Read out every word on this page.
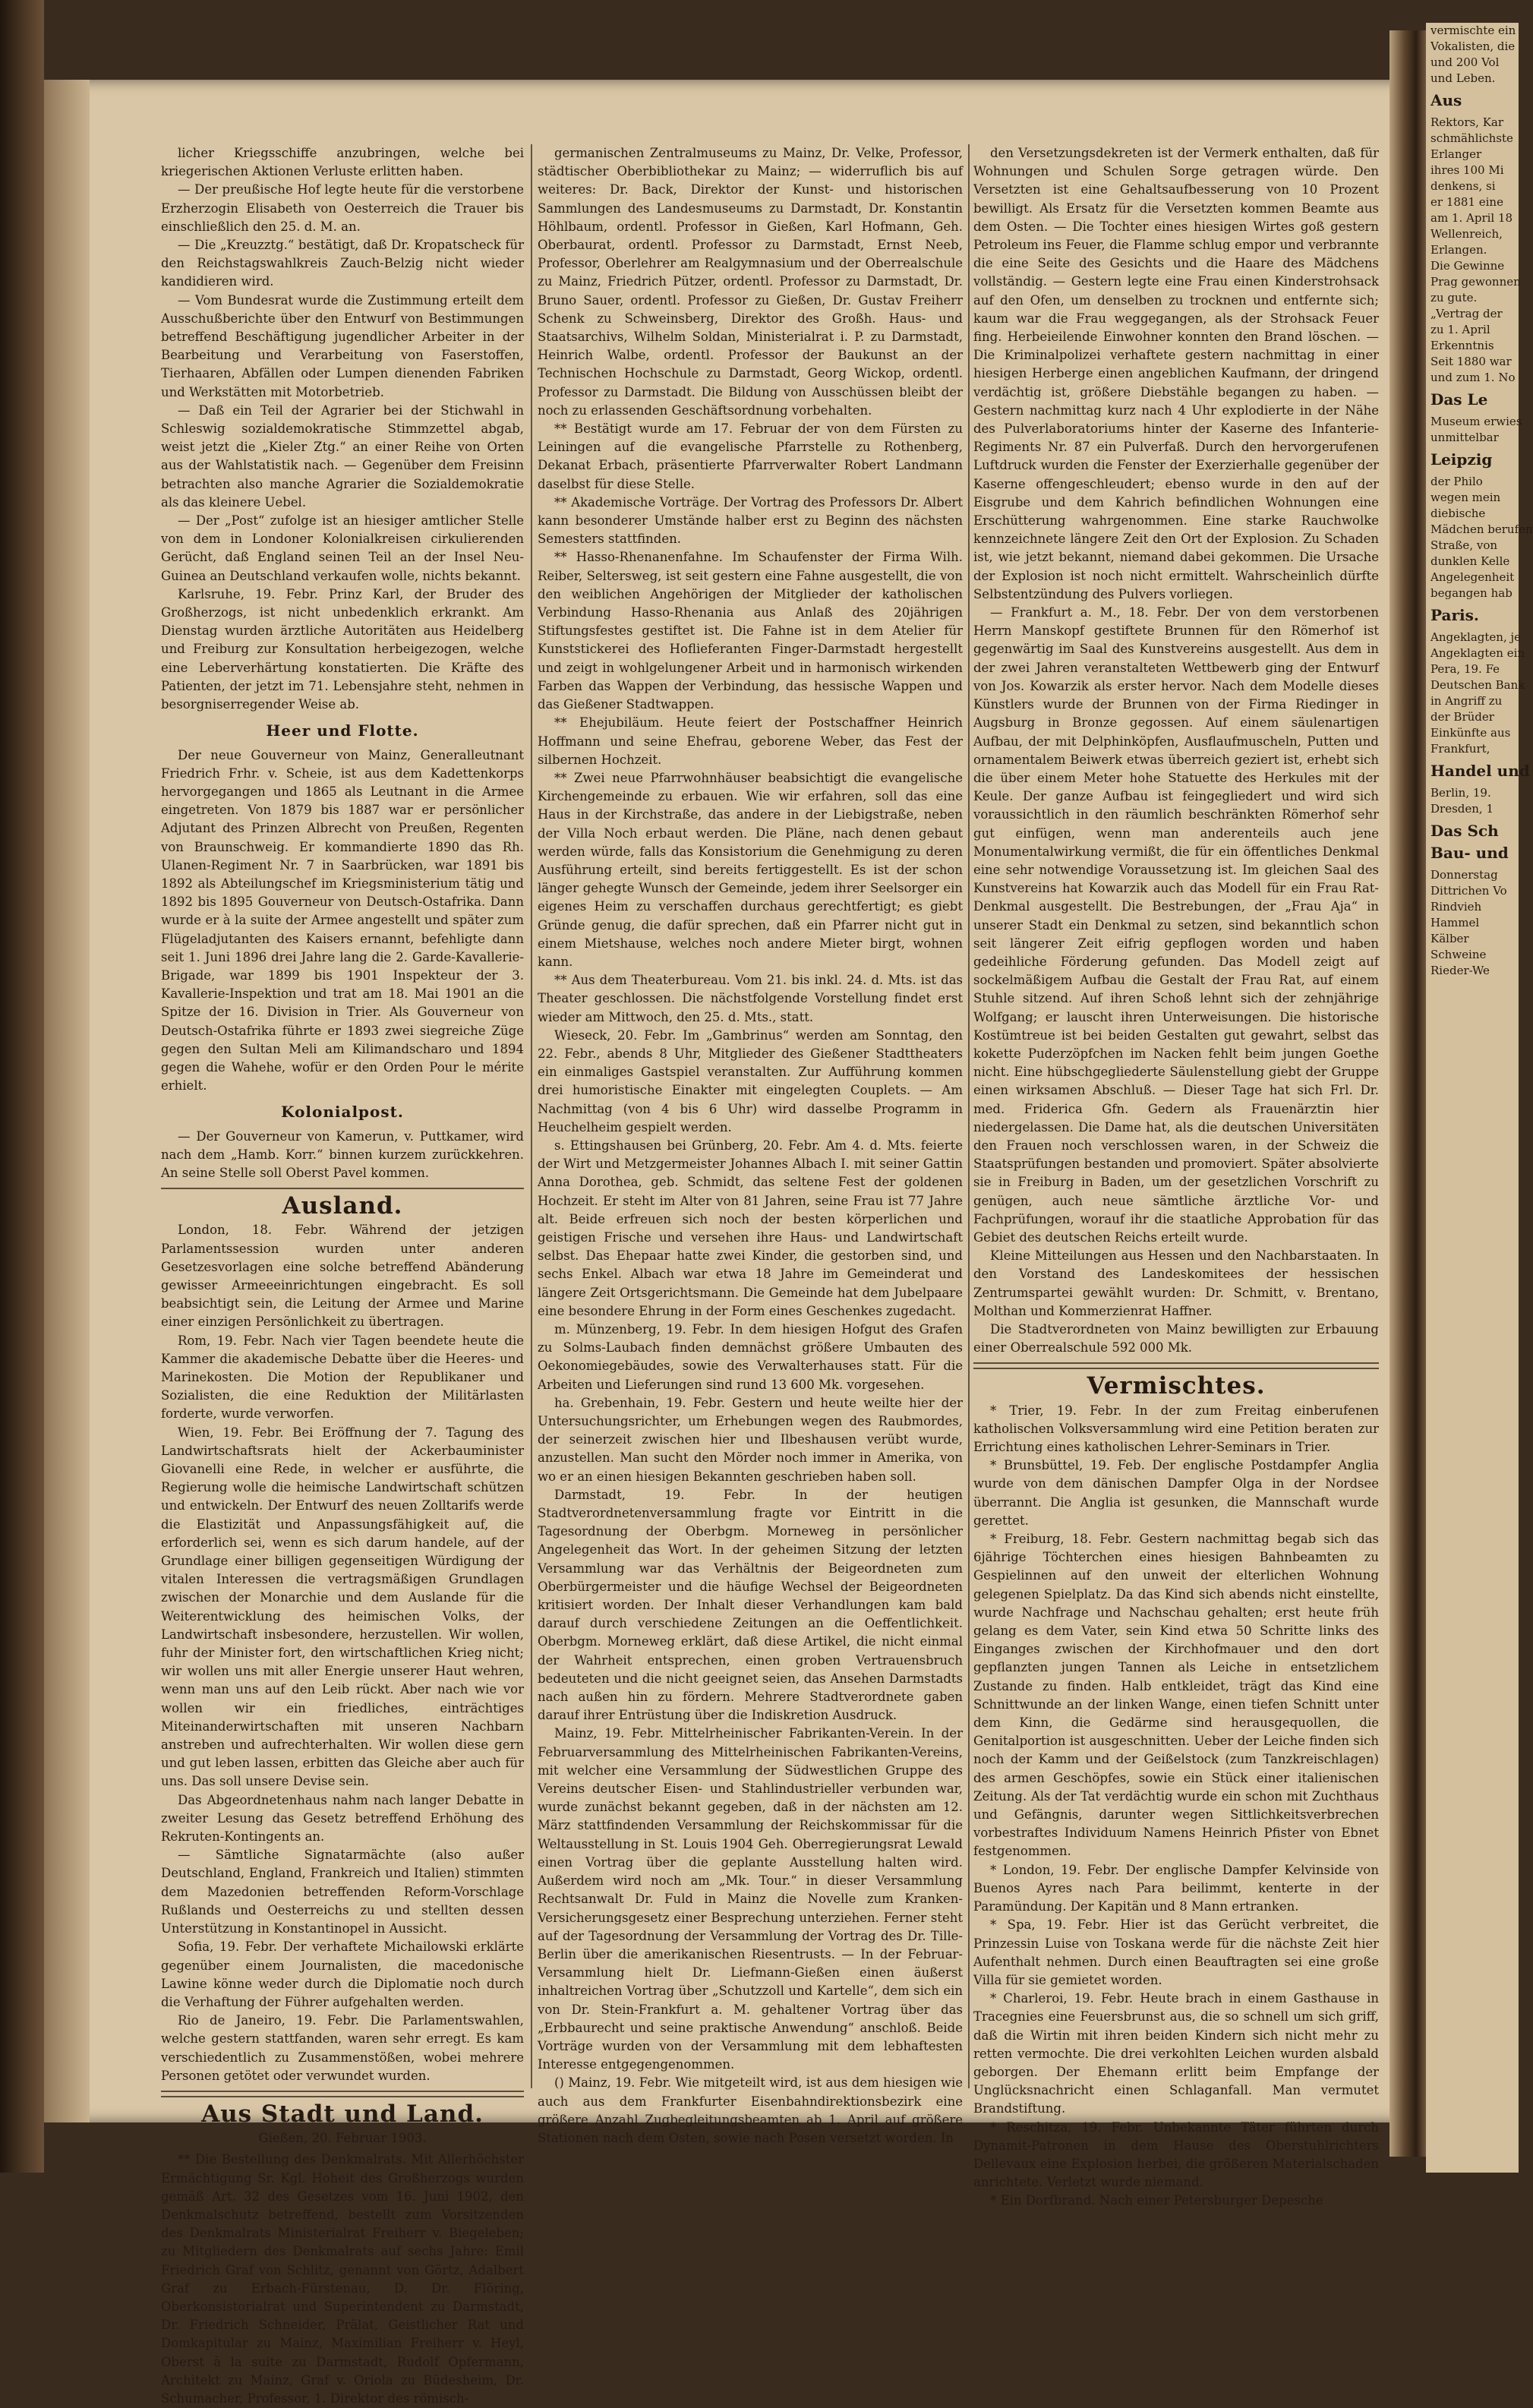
vermischte ein
Vokalisten, die
und 200 Vol
und Leben.
Aus
Rektors, Kar
schmählichste
Erlanger
ihres 100 Mi
denkens, si
er 1881 eine
am 1. April 18
Wellenreich,
Erlangen.
Die Gewinne
Prag gewonnen
zu gute.
„Vertrag der
zu 1. April
Erkenntnis
Seit 1880 war
und zum 1. No
Das Le
Museum erwies
unmittelbar
Leipzig
der Philo
wegen mein
diebische
Mädchen berufen
Straße, von
dunklen Kelle
Angelegenheit
begangen hab
Paris.
Angeklagten, je
Angeklagten ein
Pera, 19. Fe
Deutschen Bank
in Angriff zu
der Brüder
Einkünfte aus
Frankfurt,
Handel und
Berlin, 19.
Dresden, 1
Das Sch
Bau- und
Donnerstag
Dittrichen Vo
Rindvieh
Hammel
Kälber
Schweine
Rieder-We

licher Kriegsschiffe anzubringen, welche bei kriegerischen Aktionen Verluste erlitten haben.

— Der preußische Hof legte heute für die verstorbene Erzherzogin Elisabeth von Oesterreich die Trauer bis einschließlich den 25. d. M. an.

— Die „Kreuzztg.“ bestätigt, daß Dr. Kropatscheck für den Reichstagswahlkreis Zauch-Belzig nicht wieder kandidieren wird.

— Vom Bundesrat wurde die Zustimmung erteilt dem Ausschußberichte über den Entwurf von Bestimmungen betreffend Beschäftigung jugendlicher Arbeiter in der Bearbeitung und Verarbeitung von Faserstoffen, Tierhaaren, Abfällen oder Lumpen dienenden Fabriken und Werkstätten mit Motorbetrieb.

— Daß ein Teil der Agrarier bei der Stichwahl in Schleswig sozialdemokratische Stimmzettel abgab, weist jetzt die „Kieler Ztg.“ an einer Reihe von Orten aus der Wahlstatistik nach. — Gegenüber dem Freisinn betrachten also manche Agrarier die Sozialdemokratie als das kleinere Uebel.

— Der „Post“ zufolge ist an hiesiger amtlicher Stelle von dem in Londoner Kolonialkreisen cirkulierenden Gerücht, daß England seinen Teil an der Insel Neu-Guinea an Deutschland verkaufen wolle, nichts bekannt.

Karlsruhe, 19. Febr. Prinz Karl, der Bruder des Großherzogs, ist nicht unbedenklich erkrankt. Am Dienstag wurden ärztliche Autoritäten aus Heidelberg und Freiburg zur Konsultation herbeigezogen, welche eine Leberverhärtung konstatierten. Die Kräfte des Patienten, der jetzt im 71. Lebensjahre steht, nehmen in besorgniserregender Weise ab.

Heer und Flotte.

Der neue Gouverneur von Mainz, Generalleutnant Friedrich Frhr. v. Scheie, ist aus dem Kadettenkorps hervorgegangen und 1865 als Leutnant in die Armee eingetreten. Von 1879 bis 1887 war er persönlicher Adjutant des Prinzen Albrecht von Preußen, Regenten von Braunschweig. Er kommandierte 1890 das Rh. Ulanen-Regiment Nr. 7 in Saarbrücken, war 1891 bis 1892 als Abteilungschef im Kriegsministerium tätig und 1892 bis 1895 Gouverneur von Deutsch-Ostafrika. Dann wurde er à la suite der Armee angestellt und später zum Flügeladjutanten des Kaisers ernannt, befehligte dann seit 1. Juni 1896 drei Jahre lang die 2. Garde-Kavallerie-Brigade, war 1899 bis 1901 Inspekteur der 3. Kavallerie-Inspektion und trat am 18. Mai 1901 an die Spitze der 16. Division in Trier. Als Gouverneur von Deutsch-Ostafrika führte er 1893 zwei siegreiche Züge gegen den Sultan Meli am Kilimandscharo und 1894 gegen die Wahehe, wofür er den Orden Pour le mérite erhielt.

Kolonialpost.

— Der Gouverneur von Kamerun, v. Puttkamer, wird nach dem „Hamb. Korr.“ binnen kurzem zurückkehren. An seine Stelle soll Oberst Pavel kommen.

Ausland.

London, 18. Febr. Während der jetzigen Parlamentssession wurden unter anderen Gesetzesvorlagen eine solche betreffend Abänderung gewisser Armeeeinrichtungen eingebracht. Es soll beabsichtigt sein, die Leitung der Armee und Marine einer einzigen Persönlichkeit zu übertragen.

Rom, 19. Febr. Nach vier Tagen beendete heute die Kammer die akademische Debatte über die Heeres- und Marinekosten. Die Motion der Republikaner und Sozialisten, die eine Reduktion der Militärlasten forderte, wurde verworfen.

Wien, 19. Febr. Bei Eröffnung der 7. Tagung des Landwirtschaftsrats hielt der Ackerbauminister Giovanelli eine Rede, in welcher er ausführte, die Regierung wolle die heimische Landwirtschaft schützen und entwickeln. Der Entwurf des neuen Zolltarifs werde die Elastizität und Anpassungsfähigkeit auf, die erforderlich sei, wenn es sich darum handele, auf der Grundlage einer billigen gegenseitigen Würdigung der vitalen Interessen die vertragsmäßigen Grundlagen zwischen der Monarchie und dem Auslande für die Weiterentwicklung des heimischen Volks, der Landwirtschaft insbesondere, herzustellen. Wir wollen, fuhr der Minister fort, den wirtschaftlichen Krieg nicht; wir wollen uns mit aller Energie unserer Haut wehren, wenn man uns auf den Leib rückt. Aber nach wie vor wollen wir ein friedliches, einträchtiges Miteinanderwirtschaften mit unseren Nachbarn anstreben und aufrechterhalten. Wir wollen diese gern und gut leben lassen, erbitten das Gleiche aber auch für uns. Das soll unsere Devise sein.

Das Abgeordnetenhaus nahm nach langer Debatte in zweiter Lesung das Gesetz betreffend Erhöhung des Rekruten-Kontingents an.

— Sämtliche Signatarmächte (also außer Deutschland, England, Frankreich und Italien) stimmten dem Mazedonien betreffenden Reform-Vorschlage Rußlands und Oesterreichs zu und stellten dessen Unterstützung in Konstantinopel in Aussicht.

Sofia, 19. Febr. Der verhaftete Michailowski erklärte gegenüber einem Journalisten, die macedonische Lawine könne weder durch die Diplomatie noch durch die Verhaftung der Führer aufgehalten werden.

Rio de Janeiro, 19. Febr. Die Parlamentswahlen, welche gestern stattfanden, waren sehr erregt. Es kam verschiedentlich zu Zusammenstößen, wobei mehrere Personen getötet oder verwundet wurden.

Aus Stadt und Land.
Gießen, 20. Februar 1903.

** Die Bestellung des Denkmalrats. Mit Allerhöchster Ermächtigung Sr. Kgl. Hoheit des Großherzogs wurden gemäß Art. 32 des Gesetzes vom 16. Juni 1902, den Denkmalschutz betreffend, bestellt zum Vorsitzenden des Denkmalrats Ministerialrat Freiherr v. Biegeleben; zu Mitgliedern des Denkmalrats auf sechs Jahre: Emil Friedrich Graf von Schlitz, genannt von Görtz, Adalbert Graf zu Erbach-Fürstenau, D. Dr. Flöring, Oberkonsistorialrat und Superintendent zu Darmstadt, Dr. Friedrich Schneider, Prälat, Geistlicher Rat und Domkapitular zu Mainz, Maximilian Freiherr v. Heyl, Oberst à la suite zu Darmstadt, Rudolf Opfermann, Architekt zu Mainz, Graf v. Oriola zu Büdesheim, Dr. Schumacher, Professor, 1. Direktor des römisch-

germanischen Zentralmuseums zu Mainz, Dr. Velke, Professor, städtischer Oberbibliothekar zu Mainz; — widerruflich bis auf weiteres: Dr. Back, Direktor der Kunst- und historischen Sammlungen des Landesmuseums zu Darmstadt, Dr. Konstantin Höhlbaum, ordentl. Professor in Gießen, Karl Hofmann, Geh. Oberbaurat, ordentl. Professor zu Darmstadt, Ernst Neeb, Professor, Oberlehrer am Realgymnasium und der Oberrealschule zu Mainz, Friedrich Pützer, ordentl. Professor zu Darmstadt, Dr. Bruno Sauer, ordentl. Professor zu Gießen, Dr. Gustav Freiherr Schenk zu Schweinsberg, Direktor des Großh. Haus- und Staatsarchivs, Wilhelm Soldan, Ministerialrat i. P. zu Darmstadt, Heinrich Walbe, ordentl. Professor der Baukunst an der Technischen Hochschule zu Darmstadt, Georg Wickop, ordentl. Professor zu Darmstadt. Die Bildung von Ausschüssen bleibt der noch zu erlassenden Geschäftsordnung vorbehalten.

** Bestätigt wurde am 17. Februar der von dem Fürsten zu Leiningen auf die evangelische Pfarrstelle zu Rothenberg, Dekanat Erbach, präsentierte Pfarrverwalter Robert Landmann daselbst für diese Stelle.

** Akademische Vorträge. Der Vortrag des Professors Dr. Albert kann besonderer Umstände halber erst zu Beginn des nächsten Semesters stattfinden.

** Hasso-Rhenanenfahne. Im Schaufenster der Firma Wilh. Reiber, Seltersweg, ist seit gestern eine Fahne ausgestellt, die von den weiblichen Angehörigen der Mitglieder der katholischen Verbindung Hasso-Rhenania aus Anlaß des 20jährigen Stiftungsfestes gestiftet ist. Die Fahne ist in dem Atelier für Kunststickerei des Hoflieferanten Finger-Darmstadt hergestellt und zeigt in wohlgelungener Arbeit und in harmonisch wirkenden Farben das Wappen der Verbindung, das hessische Wappen und das Gießener Stadtwappen.

** Ehejubiläum. Heute feiert der Postschaffner Heinrich Hoffmann und seine Ehefrau, geborene Weber, das Fest der silbernen Hochzeit.

** Zwei neue Pfarrwohnhäuser beabsichtigt die evangelische Kirchengemeinde zu erbauen. Wie wir erfahren, soll das eine Haus in der Kirchstraße, das andere in der Liebigstraße, neben der Villa Noch erbaut werden. Die Pläne, nach denen gebaut werden würde, falls das Konsistorium die Genehmigung zu deren Ausführung erteilt, sind bereits fertiggestellt. Es ist der schon länger gehegte Wunsch der Gemeinde, jedem ihrer Seelsorger ein eigenes Heim zu verschaffen durchaus gerechtfertigt; es giebt Gründe genug, die dafür sprechen, daß ein Pfarrer nicht gut in einem Mietshause, welches noch andere Mieter birgt, wohnen kann.

** Aus dem Theaterbureau. Vom 21. bis inkl. 24. d. Mts. ist das Theater geschlossen. Die nächstfolgende Vorstellung findet erst wieder am Mittwoch, den 25. d. Mts., statt.

Wieseck, 20. Febr. Im „Gambrinus“ werden am Sonntag, den 22. Febr., abends 8 Uhr, Mitglieder des Gießener Stadttheaters ein einmaliges Gastspiel veranstalten. Zur Aufführung kommen drei humoristische Einakter mit eingelegten Couplets. — Am Nachmittag (von 4 bis 6 Uhr) wird dasselbe Programm in Heuchelheim gespielt werden.

s. Ettingshausen bei Grünberg, 20. Febr. Am 4. d. Mts. feierte der Wirt und Metzgermeister Johannes Albach I. mit seiner Gattin Anna Dorothea, geb. Schmidt, das seltene Fest der goldenen Hochzeit. Er steht im Alter von 81 Jahren, seine Frau ist 77 Jahre alt. Beide erfreuen sich noch der besten körperlichen und geistigen Frische und versehen ihre Haus- und Landwirtschaft selbst. Das Ehepaar hatte zwei Kinder, die gestorben sind, und sechs Enkel. Albach war etwa 18 Jahre im Gemeinderat und längere Zeit Ortsgerichtsmann. Die Gemeinde hat dem Jubelpaare eine besondere Ehrung in der Form eines Geschenkes zugedacht.

m. Münzenberg, 19. Febr. In dem hiesigen Hofgut des Grafen zu Solms-Laubach finden demnächst größere Umbauten des Oekonomiegebäudes, sowie des Verwalterhauses statt. Für die Arbeiten und Lieferungen sind rund 13 600 Mk. vorgesehen.

ha. Grebenhain, 19. Febr. Gestern und heute weilte hier der Untersuchungsrichter, um Erhebungen wegen des Raubmordes, der seinerzeit zwischen hier und Ilbeshausen verübt wurde, anzustellen. Man sucht den Mörder noch immer in Amerika, von wo er an einen hiesigen Bekannten geschrieben haben soll.

Darmstadt, 19. Febr. In der heutigen Stadtverordnetenversammlung fragte vor Eintritt in die Tagesordnung der Oberbgm. Morneweg in persönlicher Angelegenheit das Wort. In der geheimen Sitzung der letzten Versammlung war das Verhältnis der Beigeordneten zum Oberbürgermeister und die häufige Wechsel der Beigeordneten kritisiert worden. Der Inhalt dieser Verhandlungen kam bald darauf durch verschiedene Zeitungen an die Oeffentlichkeit. Oberbgm. Morneweg erklärt, daß diese Artikel, die nicht einmal der Wahrheit entsprechen, einen groben Vertrauensbruch bedeuteten und die nicht geeignet seien, das Ansehen Darmstadts nach außen hin zu fördern. Mehrere Stadtverordnete gaben darauf ihrer Entrüstung über die Indiskretion Ausdruck.

Mainz, 19. Febr. Mittelrheinischer Fabrikanten-Verein. In der Februarversammlung des Mittelrheinischen Fabrikanten-Vereins, mit welcher eine Versammlung der Südwestlichen Gruppe des Vereins deutscher Eisen- und Stahlindustrieller verbunden war, wurde zunächst bekannt gegeben, daß in der nächsten am 12. März stattfindenden Versammlung der Reichskommissar für die Weltausstellung in St. Louis 1904 Geh. Oberregierungsrat Lewald einen Vortrag über die geplante Ausstellung halten wird. Außerdem wird noch am „Mk. Tour.“ in dieser Versammlung Rechtsanwalt Dr. Fuld in Mainz die Novelle zum Kranken-Versicherungsgesetz einer Besprechung unterziehen. Ferner steht auf der Tagesordnung der Versammlung der Vortrag des Dr. Tille-Berlin über die amerikanischen Riesentrusts. — In der Februar-Versammlung hielt Dr. Liefmann-Gießen einen äußerst inhaltreichen Vortrag über „Schutzzoll und Kartelle“, dem sich ein von Dr. Stein-Frankfurt a. M. gehaltener Vortrag über das „Erbbaurecht und seine praktische Anwendung“ anschloß. Beide Vorträge wurden von der Versammlung mit dem lebhaftesten Interesse entgegengenommen.

() Mainz, 19. Febr. Wie mitgeteilt wird, ist aus dem hiesigen wie auch aus dem Frankfurter Eisenbahndirektionsbezirk eine größere Anzahl Zugbegleitungsbeamten ab 1. April auf größere Stationen nach dem Osten, sowie nach Posen versetzt worden. In

den Versetzungsdekreten ist der Vermerk enthalten, daß für Wohnungen und Schulen Sorge getragen würde. Den Versetzten ist eine Gehaltsaufbesserung von 10 Prozent bewilligt. Als Ersatz für die Versetzten kommen Beamte aus dem Osten. — Die Tochter eines hiesigen Wirtes goß gestern Petroleum ins Feuer, die Flamme schlug empor und verbrannte die eine Seite des Gesichts und die Haare des Mädchens vollständig. — Gestern legte eine Frau einen Kinderstrohsack auf den Ofen, um denselben zu trocknen und entfernte sich; kaum war die Frau weggegangen, als der Strohsack Feuer fing. Herbeieilende Einwohner konnten den Brand löschen. — Die Kriminalpolizei verhaftete gestern nachmittag in einer hiesigen Herberge einen angeblichen Kaufmann, der dringend verdächtig ist, größere Diebstähle begangen zu haben. — Gestern nachmittag kurz nach 4 Uhr explodierte in der Nähe des Pulverlaboratoriums hinter der Kaserne des Infanterie-Regiments Nr. 87 ein Pulverfaß. Durch den hervorgerufenen Luftdruck wurden die Fenster der Exerzierhalle gegenüber der Kaserne offengeschleudert; ebenso wurde in den auf der Eisgrube und dem Kahrich befindlichen Wohnungen eine Erschütterung wahrgenommen. Eine starke Rauchwolke kennzeichnete längere Zeit den Ort der Explosion. Zu Schaden ist, wie jetzt bekannt, niemand dabei gekommen. Die Ursache der Explosion ist noch nicht ermittelt. Wahrscheinlich dürfte Selbstentzündung des Pulvers vorliegen.

— Frankfurt a. M., 18. Febr. Der von dem verstorbenen Herrn Manskopf gestiftete Brunnen für den Römerhof ist gegenwärtig im Saal des Kunstvereins ausgestellt. Aus dem in der zwei Jahren veranstalteten Wettbewerb ging der Entwurf von Jos. Kowarzik als erster hervor. Nach dem Modelle dieses Künstlers wurde der Brunnen von der Firma Riedinger in Augsburg in Bronze gegossen. Auf einem säulenartigen Aufbau, der mit Delphinköpfen, Ausflaufmuscheln, Putten und ornamentalem Beiwerk etwas überreich geziert ist, erhebt sich die über einem Meter hohe Statuette des Herkules mit der Keule. Der ganze Aufbau ist feingegliedert und wird sich voraussichtlich in den räumlich beschränkten Römerhof sehr gut einfügen, wenn man anderenteils auch jene Monumentalwirkung vermißt, die für ein öffentliches Denkmal eine sehr notwendige Voraussetzung ist. Im gleichen Saal des Kunstvereins hat Kowarzik auch das Modell für ein Frau Rat-Denkmal ausgestellt. Die Bestrebungen, der „Frau Aja“ in unserer Stadt ein Denkmal zu setzen, sind bekanntlich schon seit längerer Zeit eifrig gepflogen worden und haben gedeihliche Förderung gefunden. Das Modell zeigt auf sockelmäßigem Aufbau die Gestalt der Frau Rat, auf einem Stuhle sitzend. Auf ihren Schoß lehnt sich der zehnjährige Wolfgang; er lauscht ihren Unterweisungen. Die historische Kostümtreue ist bei beiden Gestalten gut gewahrt, selbst das kokette Puderzöpfchen im Nacken fehlt beim jungen Goethe nicht. Eine hübschgegliederte Säulenstellung giebt der Gruppe einen wirksamen Abschluß. — Dieser Tage hat sich Frl. Dr. med. Friderica Gfn. Gedern als Frauenärztin hier niedergelassen. Die Dame hat, als die deutschen Universitäten den Frauen noch verschlossen waren, in der Schweiz die Staatsprüfungen bestanden und promoviert. Später absolvierte sie in Freiburg in Baden, um der gesetzlichen Vorschrift zu genügen, auch neue sämtliche ärztliche Vor- und Fachprüfungen, worauf ihr die staatliche Approbation für das Gebiet des deutschen Reichs erteilt wurde.

Kleine Mitteilungen aus Hessen und den Nachbarstaaten. In den Vorstand des Landeskomitees der hessischen Zentrumspartei gewählt wurden: Dr. Schmitt, v. Brentano, Molthan und Kommerzienrat Haffner.

Die Stadtverordneten von Mainz bewilligten zur Erbauung einer Oberrealschule 592 000 Mk.

Vermischtes.

* Trier, 19. Febr. In der zum Freitag einberufenen katholischen Volksversammlung wird eine Petition beraten zur Errichtung eines katholischen Lehrer-Seminars in Trier.

* Brunsbüttel, 19. Feb. Der englische Postdampfer Anglia wurde von dem dänischen Dampfer Olga in der Nordsee überrannt. Die Anglia ist gesunken, die Mannschaft wurde gerettet.

* Freiburg, 18. Febr. Gestern nachmittag begab sich das 6jährige Töchterchen eines hiesigen Bahnbeamten zu Gespielinnen auf den unweit der elterlichen Wohnung gelegenen Spielplatz. Da das Kind sich abends nicht einstellte, wurde Nachfrage und Nachschau gehalten; erst heute früh gelang es dem Vater, sein Kind etwa 50 Schritte links des Einganges zwischen der Kirchhofmauer und den dort gepflanzten jungen Tannen als Leiche in entsetzlichem Zustande zu finden. Halb entkleidet, trägt das Kind eine Schnittwunde an der linken Wange, einen tiefen Schnitt unter dem Kinn, die Gedärme sind herausgequollen, die Genitalportion ist ausgeschnitten. Ueber der Leiche finden sich noch der Kamm und der Geißelstock (zum Tanzkreischlagen) des armen Geschöpfes, sowie ein Stück einer italienischen Zeitung. Als der Tat verdächtig wurde ein schon mit Zuchthaus und Gefängnis, darunter wegen Sittlichkeitsverbrechen vorbestraftes Individuum Namens Heinrich Pfister von Ebnet festgenommen.

* London, 19. Febr. Der englische Dampfer Kelvinside von Buenos Ayres nach Para beilimmt, kenterte in der Paramündung. Der Kapitän und 8 Mann ertranken.

* Spa, 19. Febr. Hier ist das Gerücht verbreitet, die Prinzessin Luise von Toskana werde für die nächste Zeit hier Aufenthalt nehmen. Durch einen Beauftragten sei eine große Villa für sie gemietet worden.

* Charleroi, 19. Febr. Heute brach in einem Gasthause in Tracegnies eine Feuersbrunst aus, die so schnell um sich griff, daß die Wirtin mit ihren beiden Kindern sich nicht mehr zu retten vermochte. Die drei verkohlten Leichen wurden alsbald geborgen. Der Ehemann erlitt beim Empfange der Unglücksnachricht einen Schlaganfall. Man vermutet Brandstiftung.

* Reschitza, 19. Febr. Unbekannte Täter führten durch Dynamit-Patronen in dem Hause des Oberstuhlrichters Dellevaux eine Explosion herbei, die größeren Materialschaden anrichtete. Verletzt wurde niemand.

* Ein Dorfbrand. Nach einer Petersburger Depesche
